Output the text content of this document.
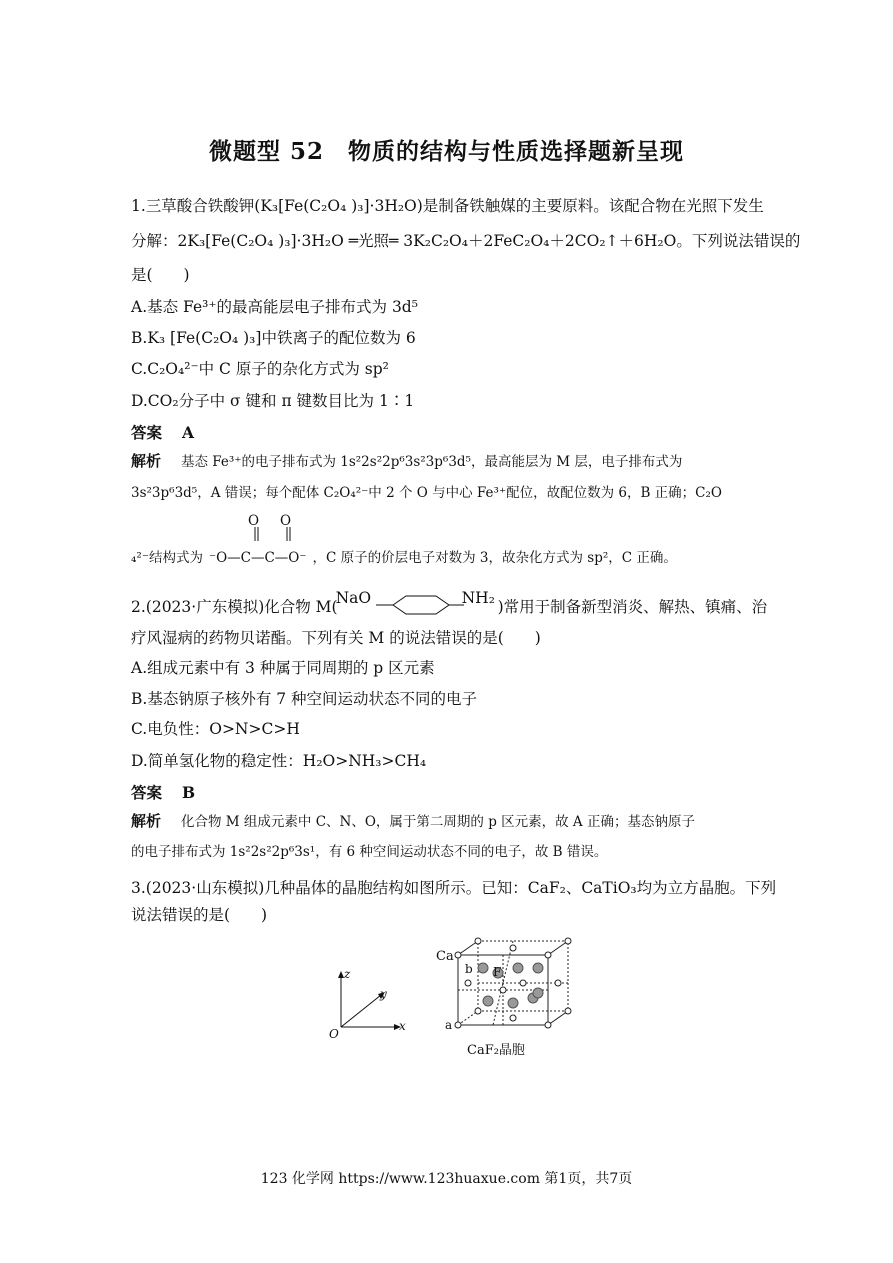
微题型 52　物质的结构与性质选择题新呈现
1.三草酸合铁酸钾(K₃[Fe(C₂O₄ )₃]·3H₂O)是制备铁触媒的主要原料。该配合物在光照下发生
分解：2K₃[Fe(C₂O₄ )₃]·3H₂O ═光照═ 3K₂C₂O₄＋2FeC₂O₄＋2CO₂↑＋6H₂O。下列说法错误的
是(　　)
A.基态 Fe³⁺的最高能层电子排布式为 3d⁵
B.K₃ [Fe(C₂O₄ )₃]中铁离子的配位数为 6
C.C₂O₄²⁻中 C 原子的杂化方式为 sp²
D.CO₂分子中 σ 键和 π 键数目比为 1∶1
答案 A
解析 基态 Fe³⁺的电子排布式为 1s²2s²2p⁶3s²3p⁶3d⁵，最高能层为 M 层，电子排布式为
3s²3p⁶3d⁵，A 错误；每个配体 C₂O₄²⁻中 2 个 O 与中心 Fe³⁺配位，故配位数为 6，B 正确；C₂O
O O
₄²⁻结构式为 ⁻O—C—C—O⁻ ，C 原子的价层电子对数为 3，故杂化方式为 sp²，C 正确。
2.(2023·广东模拟)化合物 M(
NaO	NH₂ )常用于制备新型消炎、解热、镇痛、治
疗风湿病的药物贝诺酯。下列有关 M 的说法错误的是(　　)
A.组成元素中有 3 种属于同周期的 p 区元素
B.基态钠原子核外有 7 种空间运动状态不同的电子
C.电负性：O>N>C>H
D.简单氢化物的稳定性：H₂O>NH₃>CH₄
答案 B
解析 化合物 M 组成元素中 C、N、O，属于第二周期的 p 区元素，故 A 正确；基态钠原子
的电子排布式为 1s²2s²2p⁶3s¹，有 6 种空间运动状态不同的电子，故 B 错误。
3.(2023·山东模拟)几种晶体的晶胞结构如图所示。已知：CaF₂、CaTiO₃均为立方晶胞。下列
说法错误的是(　　)
z
y
x
O
Ca
b F
a
CaF₂晶胞
123 化学网 https://www.123huaxue.com 第1页，共7页
